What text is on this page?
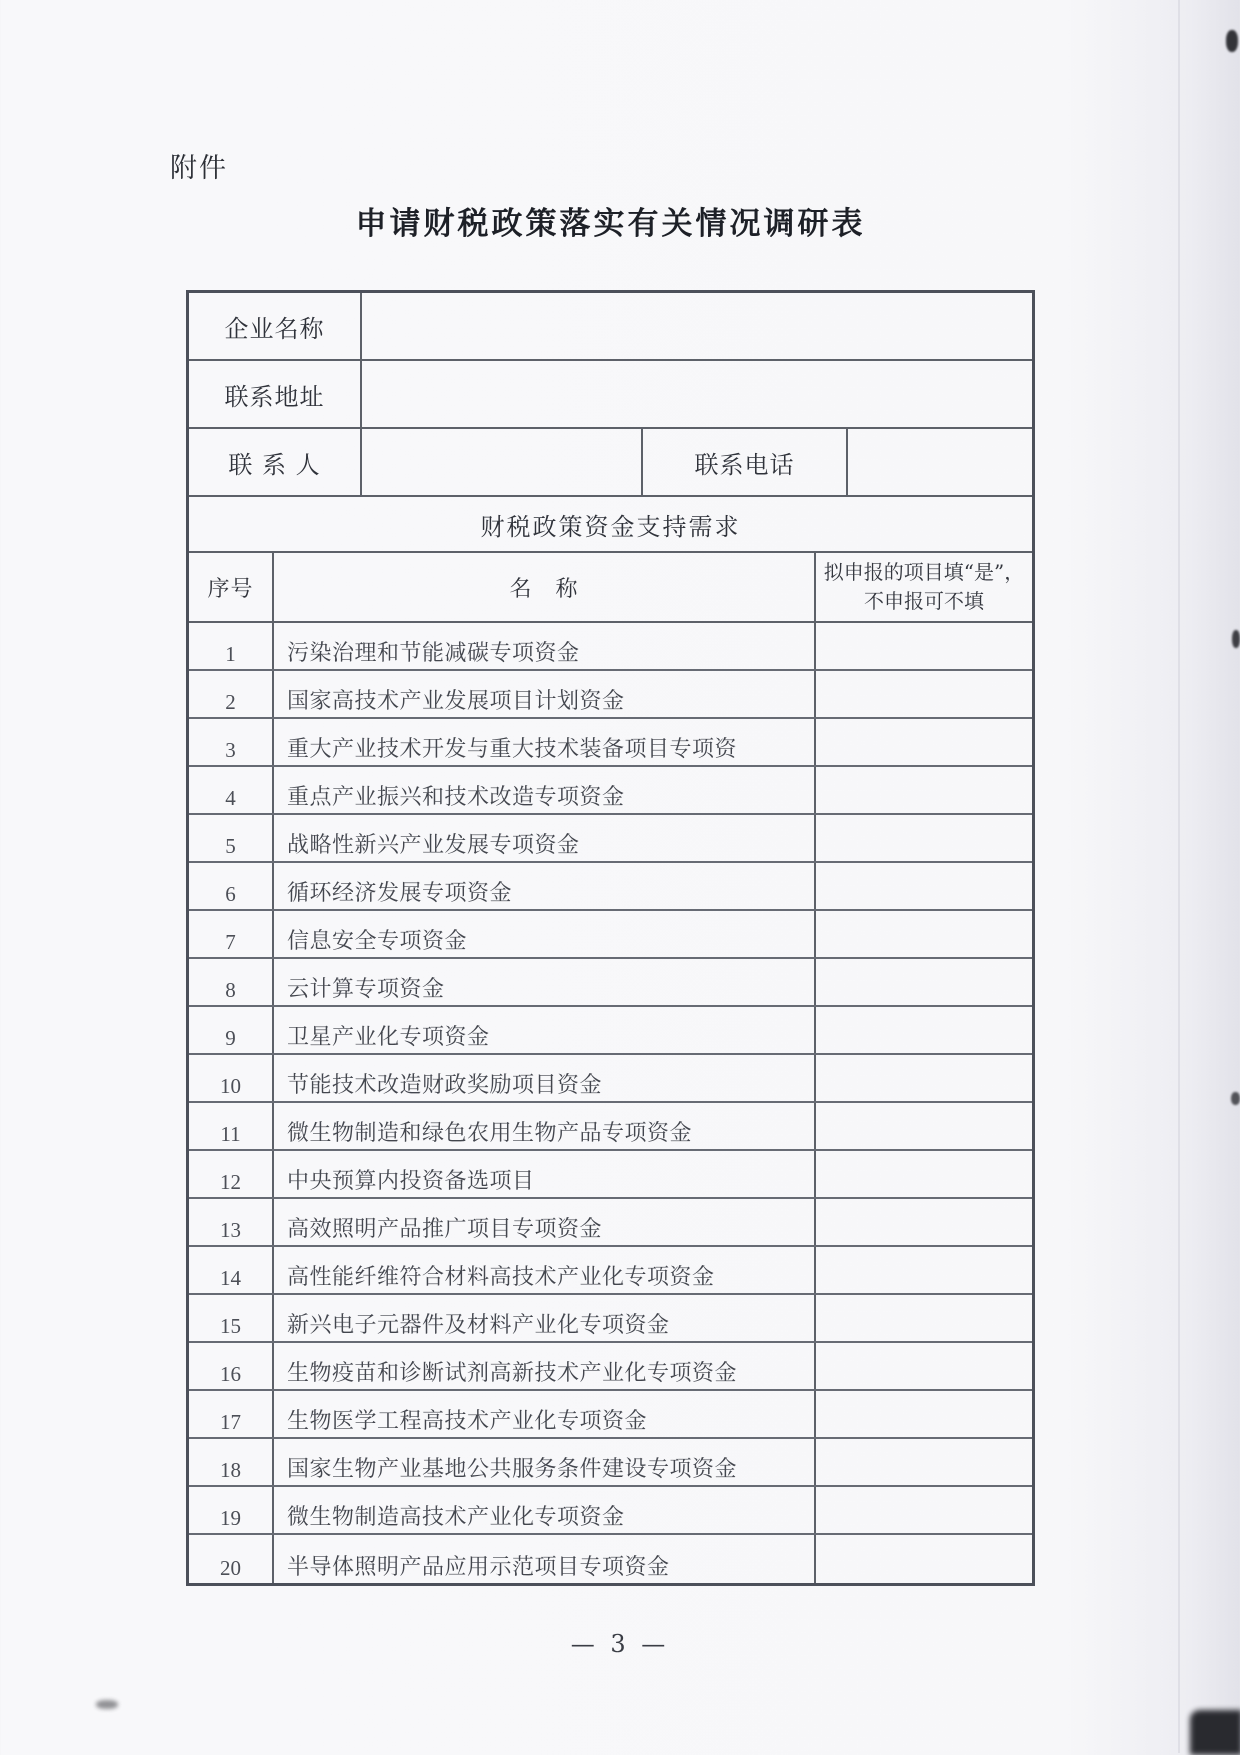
附件
申请财税政策落实有关情况调研表
企业名称
联系地址
联 系 人	联系电话
财税政策资金支持需求
序号	名　称
拟申报的项目填“是”，
不申报可不填
1	污染治理和节能减碳专项资金
2	国家高技术产业发展项目计划资金
3	重大产业技术开发与重大技术装备项目专项资
4	重点产业振兴和技术改造专项资金
5	战略性新兴产业发展专项资金
6	循环经济发展专项资金
7	信息安全专项资金
8	云计算专项资金
9	卫星产业化专项资金
10	节能技术改造财政奖励项目资金
11	微生物制造和绿色农用生物产品专项资金
12	中央预算内投资备选项目
13	高效照明产品推广项目专项资金
14	高性能纤维符合材料高技术产业化专项资金
15	新兴电子元器件及材料产业化专项资金
16	生物疫苗和诊断试剂高新技术产业化专项资金
17	生物医学工程高技术产业化专项资金
18	国家生物产业基地公共服务条件建设专项资金
19	微生物制造高技术产业化专项资金
20	半导体照明产品应用示范项目专项资金
— 3 —
